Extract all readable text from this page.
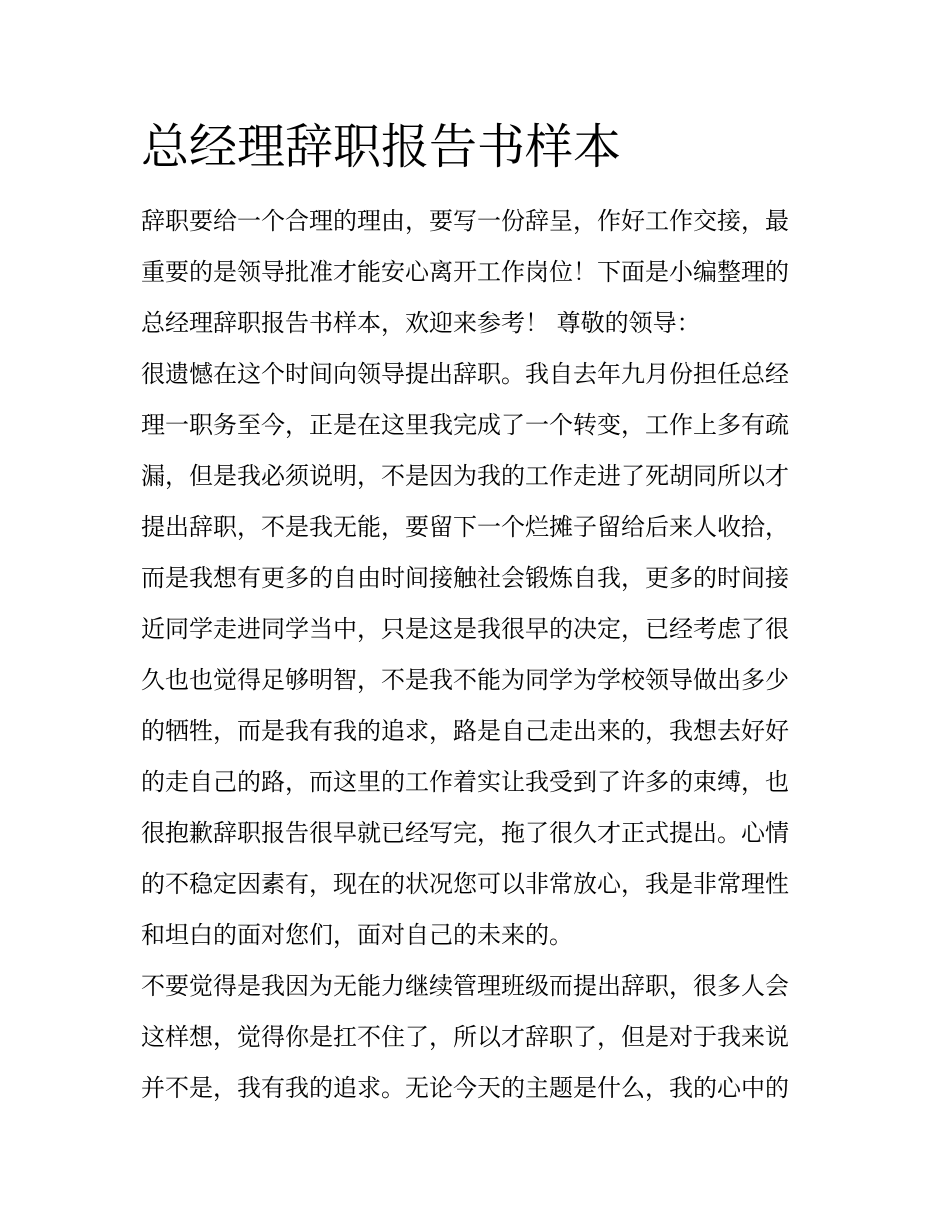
总经理辞职报告书样本

辞职要给一个合理的理由，要写一份辞呈，作好工作交接，最

重要的是领导批准才能安心离开工作岗位！下面是小编整理的

总经理辞职报告书样本，欢迎来参考！ 尊敬的领导：

很遗憾在这个时间向领导提出辞职。我自去年九月份担任总经

理一职务至今，正是在这里我完成了一个转变，工作上多有疏

漏，但是我必须说明，不是因为我的工作走进了死胡同所以才

提出辞职，不是我无能，要留下一个烂摊子留给后来人收拾，

而是我想有更多的自由时间接触社会锻炼自我，更多的时间接

近同学走进同学当中，只是这是我很早的决定，已经考虑了很

久也也觉得足够明智，不是我不能为同学为学校领导做出多少

的牺牲，而是我有我的追求，路是自己走出来的，我想去好好

的走自己的路，而这里的工作着实让我受到了许多的束缚，也

很抱歉辞职报告很早就已经写完，拖了很久才正式提出。心情

的不稳定因素有，现在的状况您可以非常放心，我是非常理性

和坦白的面对您们，面对自己的未来的。

不要觉得是我因为无能力继续管理班级而提出辞职，很多人会

这样想，觉得你是扛不住了，所以才辞职了，但是对于我来说

并不是，我有我的追求。无论今天的主题是什么，我的心中的
